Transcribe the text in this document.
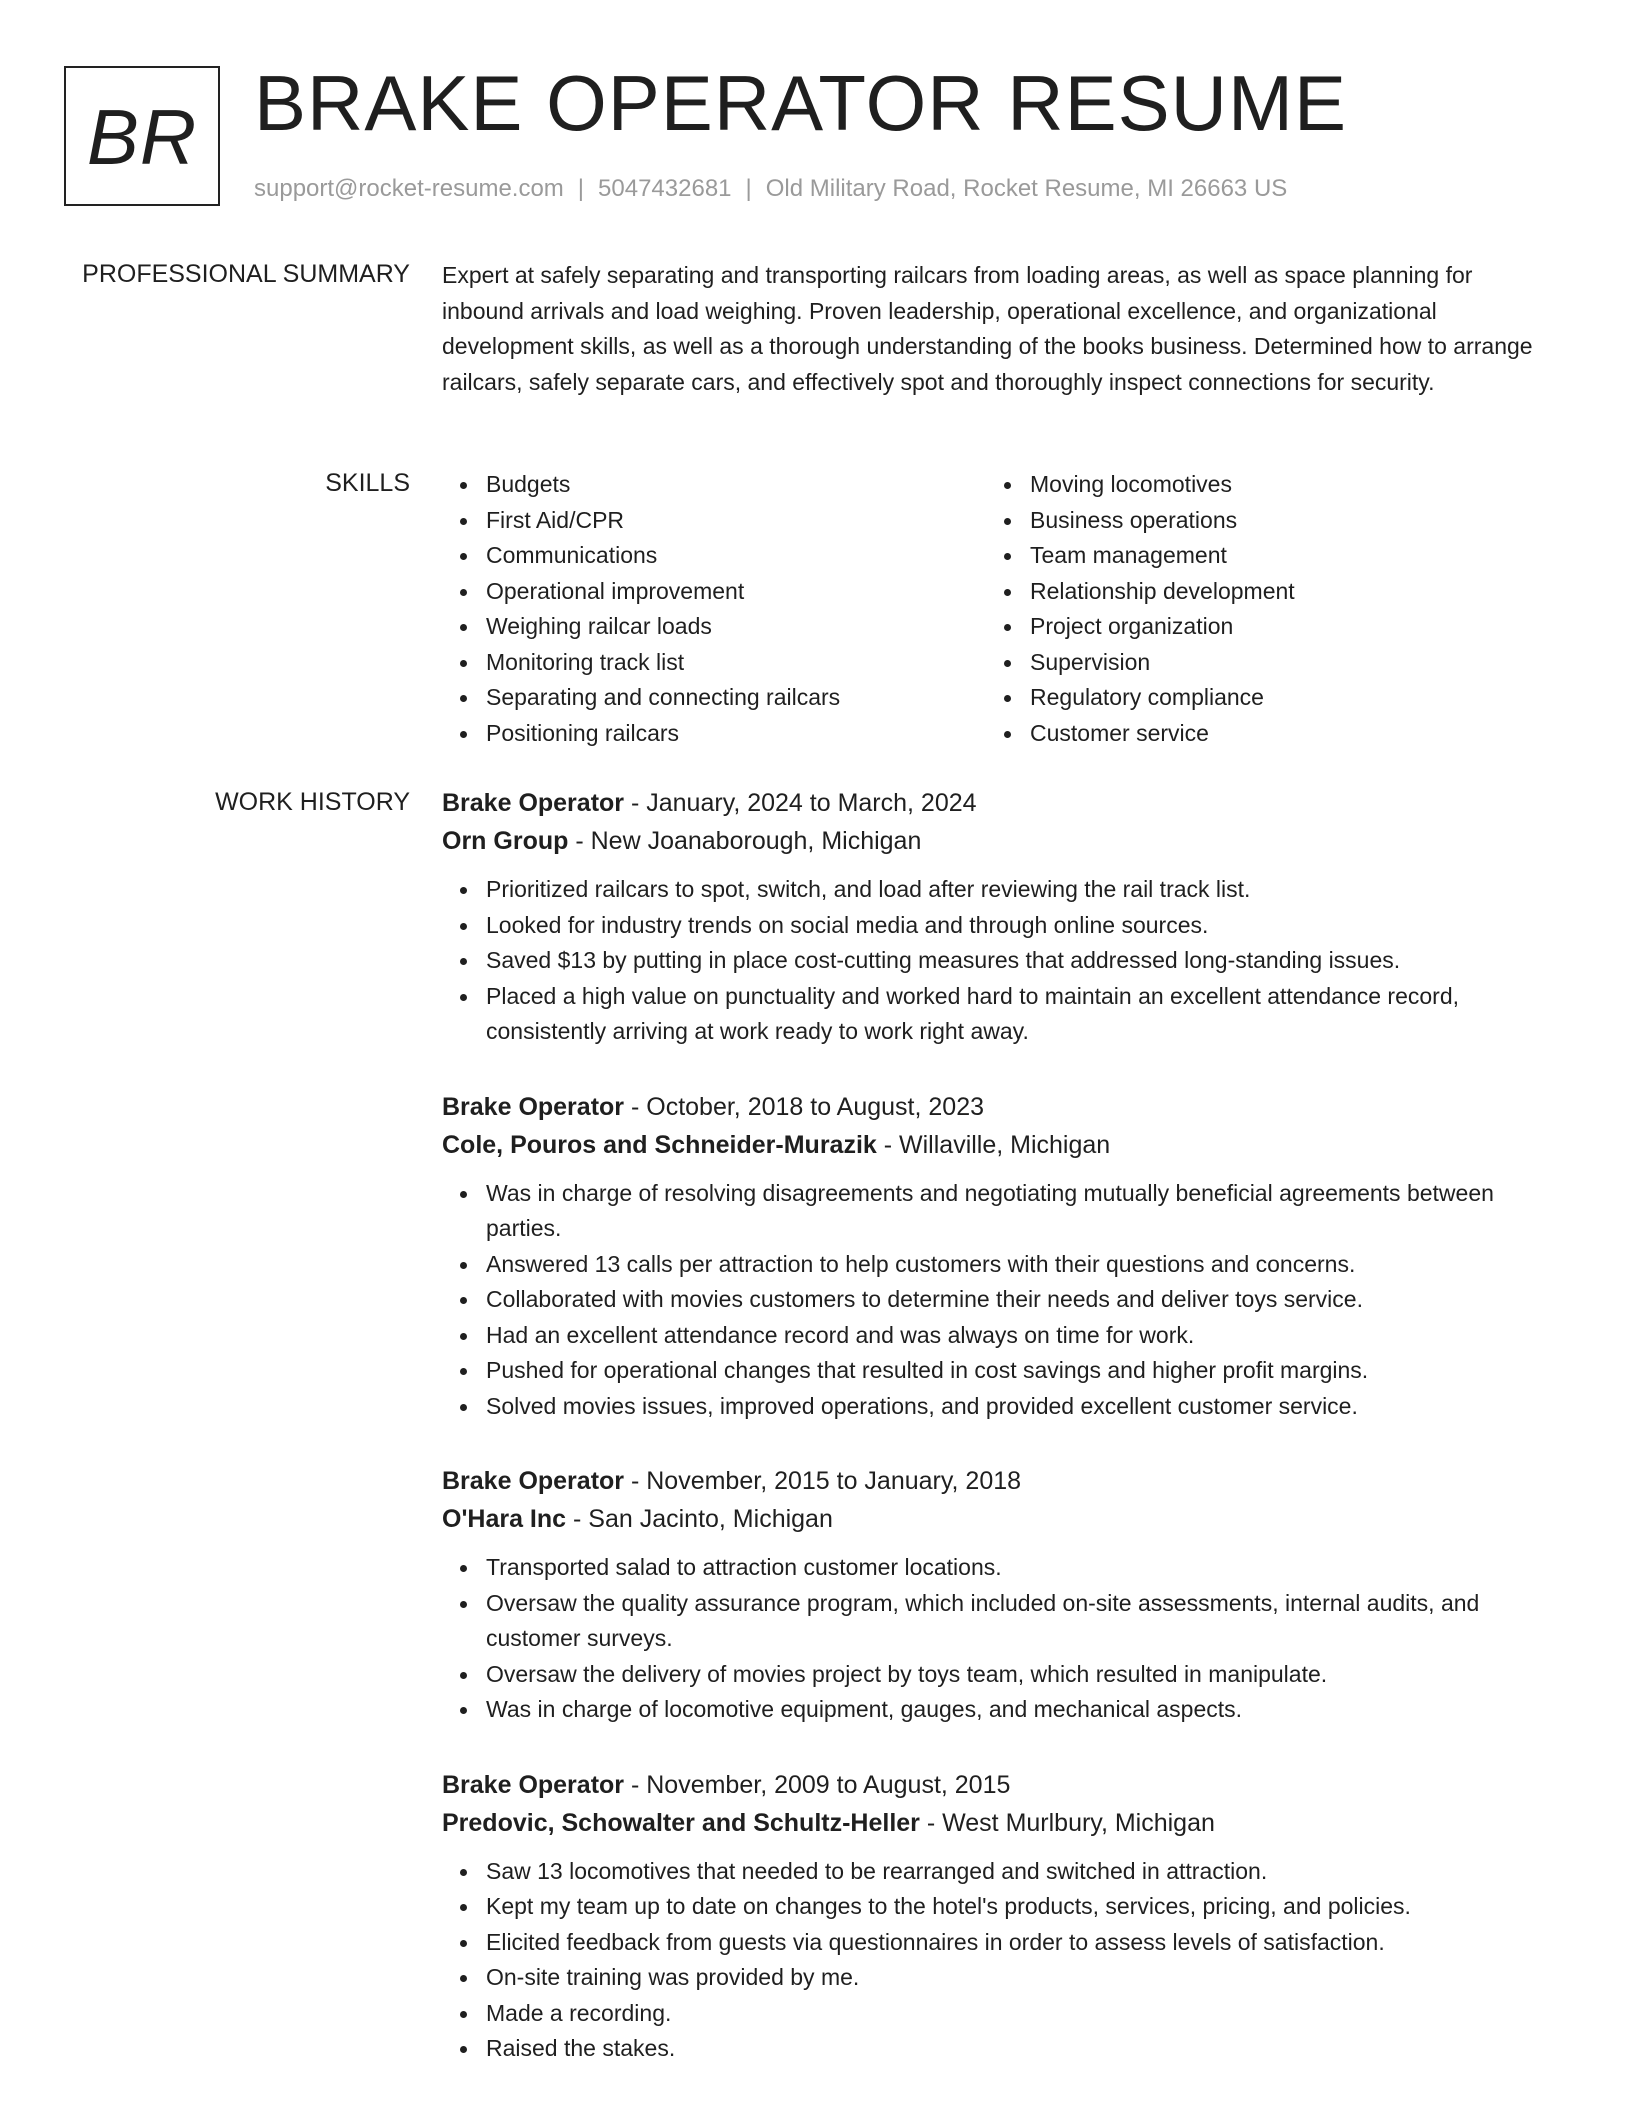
BR BRAKE OPERATOR RESUME
support@rocket-resume.com | 5047432681 | Old Military Road, Rocket Resume, MI 26663 US
PROFESSIONAL SUMMARY Expert at safely separating and transporting railcars from loading areas, as well as space planning for inbound arrivals and load weighing. Proven leadership, operational excellence, and organizational development skills, as well as a thorough understanding of the books business. Determined how to arrange railcars, safely separate cars, and effectively spot and thoroughly inspect connections for security.

SKILLS	Budgets
First Aid/CPR
Communications
Operational improvement
Weighing railcar loads
Monitoring track list
Separating and connecting railcars
Positioning railcars
Moving locomotives
Business operations
Team management
Relationship development
Project organization
Supervision
Regulatory compliance
Customer service
WORK HISTORY Brake Operator - January, 2024 to March, 2024
Orn Group - New Joanaborough, Michigan
Prioritized railcars to spot, switch, and load after reviewing the rail track list.
Looked for industry trends on social media and through online sources.
Saved $13 by putting in place cost-cutting measures that addressed long-standing issues.
Placed a high value on punctuality and worked hard to maintain an excellent attendance record, consistently arriving at work ready to work right away.
Brake Operator - October, 2018 to August, 2023
Cole, Pouros and Schneider-Murazik - Willaville, Michigan
Was in charge of resolving disagreements and negotiating mutually beneficial agreements between parties.
Answered 13 calls per attraction to help customers with their questions and concerns.
Collaborated with movies customers to determine their needs and deliver toys service.
Had an excellent attendance record and was always on time for work.
Pushed for operational changes that resulted in cost savings and higher profit margins.
Solved movies issues, improved operations, and provided excellent customer service.
Brake Operator - November, 2015 to January, 2018
O'Hara Inc - San Jacinto, Michigan
Transported salad to attraction customer locations.
Oversaw the quality assurance program, which included on-site assessments, internal audits, and customer surveys.
Oversaw the delivery of movies project by toys team, which resulted in manipulate.
Was in charge of locomotive equipment, gauges, and mechanical aspects.
Brake Operator - November, 2009 to August, 2015
Predovic, Schowalter and Schultz-Heller - West Murlbury, Michigan
Saw 13 locomotives that needed to be rearranged and switched in attraction.
Kept my team up to date on changes to the hotel's products, services, pricing, and policies.
Elicited feedback from guests via questionnaires in order to assess levels of satisfaction.
On-site training was provided by me.
Made a recording.
Raised the stakes.
